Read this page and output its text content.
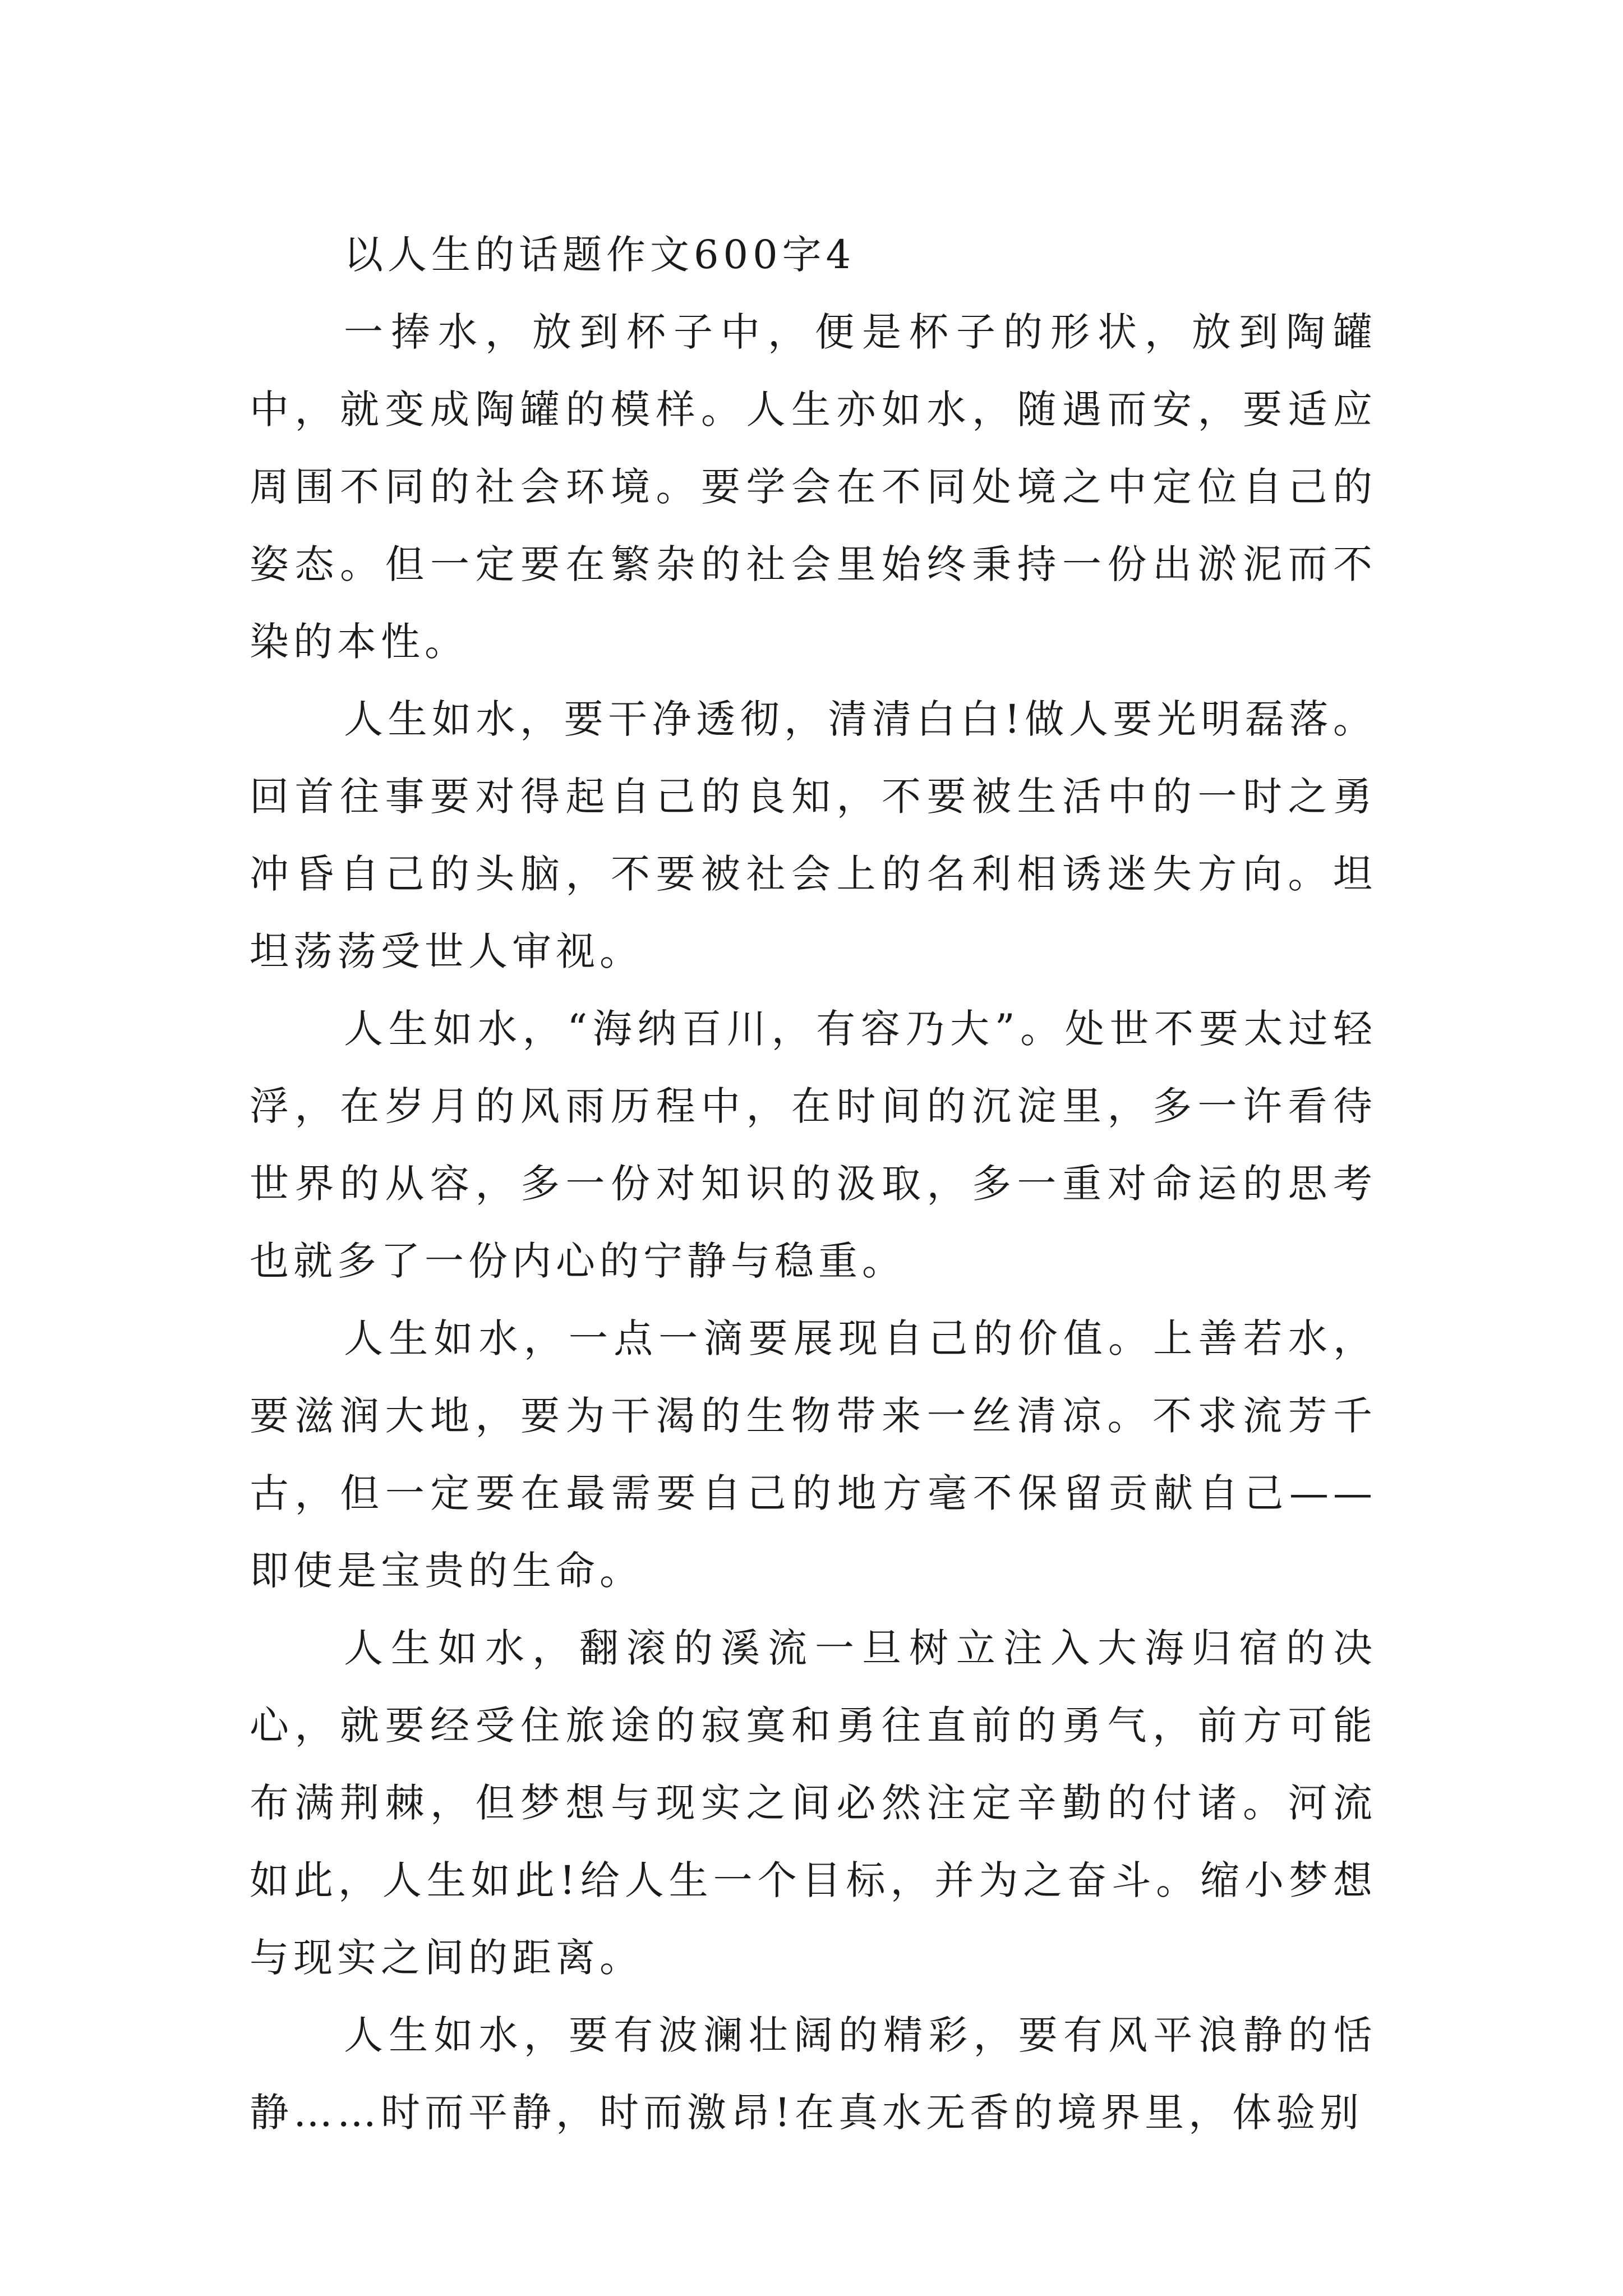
以人生的话题作文600字4

一捧水，放到杯子中，便是杯子的形状，放到陶罐中，就变成陶罐的模样。人生亦如水，随遇而安，要适应周围不同的社会环境。要学会在不同处境之中定位自己的姿态。但一定要在繁杂的社会里始终秉持一份出淤泥而不染的本性。

人生如水，要干净透彻，清清白白!做人要光明磊落。回首往事要对得起自己的良知，不要被生活中的一时之勇冲昏自己的头脑，不要被社会上的名利相诱迷失方向。坦坦荡荡受世人审视。

人生如水，“海纳百川，有容乃大”。处世不要太过轻浮，在岁月的风雨历程中，在时间的沉淀里，多一许看待世界的从容，多一份对知识的汲取，多一重对命运的思考也就多了一份内心的宁静与稳重。

人生如水，一点一滴要展现自己的价值。上善若水，要滋润大地，要为干渴的生物带来一丝清凉。不求流芳千古，但一定要在最需要自己的地方毫不保留贡献自己——即使是宝贵的生命。

人生如水，翻滚的溪流一旦树立注入大海归宿的决心，就要经受住旅途的寂寞和勇往直前的勇气，前方可能布满荆棘，但梦想与现实之间必然注定辛勤的付诸。河流如此，人生如此!给人生一个目标，并为之奋斗。缩小梦想与现实之间的距离。

人生如水，要有波澜壮阔的精彩，要有风平浪静的恬静……时而平静，时而激昂!在真水无香的境界里，体验别
